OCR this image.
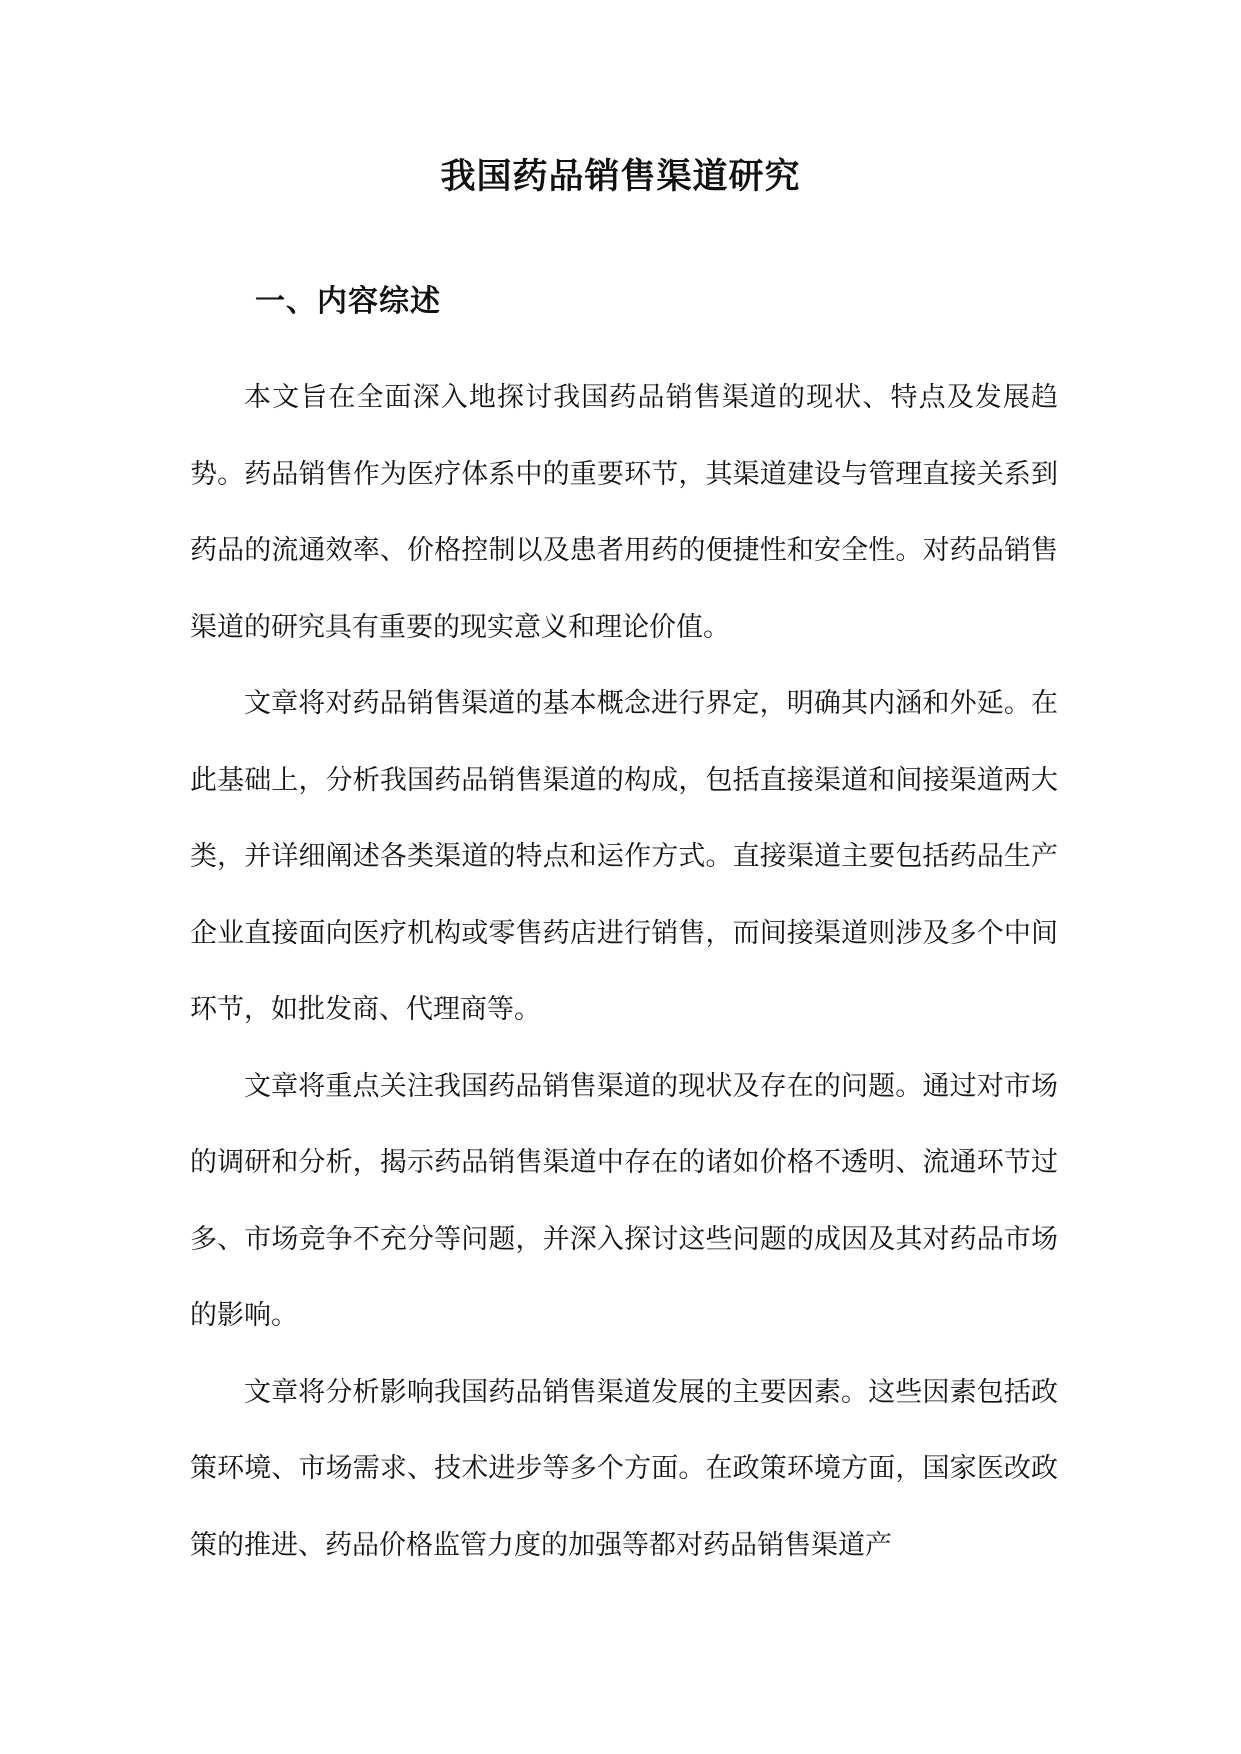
我国药品销售渠道研究
一、内容综述

本文旨在全面深入地探讨我国药品销售渠道的现状、特点及发展趋势。药品销售作为医疗体系中的重要环节，其渠道建设与管理直接关系到药品的流通效率、价格控制以及患者用药的便捷性和安全性。对药品销售渠道的研究具有重要的现实意义和理论价值。

文章将对药品销售渠道的基本概念进行界定，明确其内涵和外延。在此基础上，分析我国药品销售渠道的构成，包括直接渠道和间接渠道两大类，并详细阐述各类渠道的特点和运作方式。直接渠道主要包括药品生产企业直接面向医疗机构或零售药店进行销售，而间接渠道则涉及多个中间环节，如批发商、代理商等。

文章将重点关注我国药品销售渠道的现状及存在的问题。通过对市场的调研和分析，揭示药品销售渠道中存在的诸如价格不透明、流通环节过多、市场竞争不充分等问题，并深入探讨这些问题的成因及其对药品市场的影响。

文章将分析影响我国药品销售渠道发展的主要因素。这些因素包括政策环境、市场需求、技术进步等多个方面。在政策环境方面，国家医改政策的推进、药品价格监管力度的加强等都对药品销售渠道产
